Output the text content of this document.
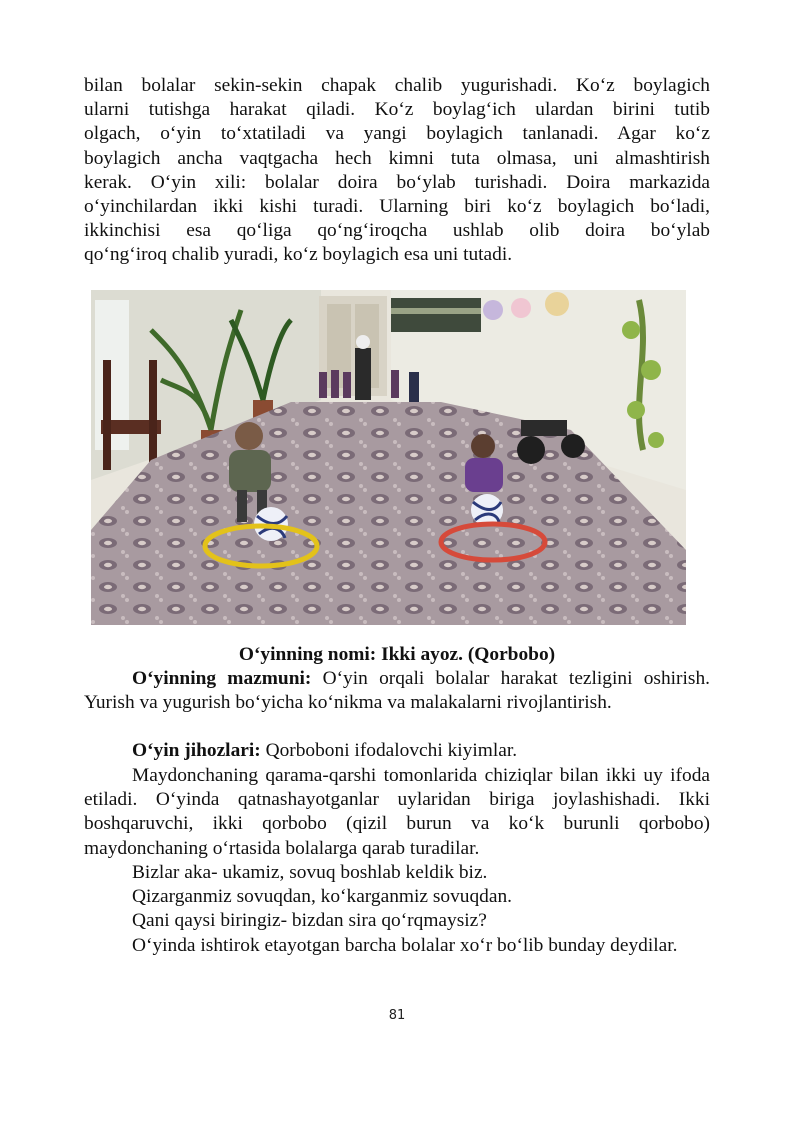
bilan bolalar sekin-sekin chapak chalib yugurishadi. Ko‘z boylagich
ularni tutishga harakat qiladi. Ko‘z boylag‘ich ulardan birini tutib
olgach, o‘yin to‘xtatiladi va yangi boylagich tanlanadi. Agar ko‘z
boylagich ancha vaqtgacha hech kimni tuta olmasa, uni almashtirish
kerak. O‘yin xili: bolalar doira bo‘ylab turishadi. Doira markazida
o‘yinchilardan ikki kishi turadi. Ularning biri ko‘z boylagich bo‘ladi,
ikkinchisi esa qo‘liga qo‘ng‘iroqcha ushlab olib doira bo‘ylab
qo‘ng‘iroq chalib yuradi, ko‘z boylagich esa uni tutadi.
O‘yinning nomi: Ikki ayoz. (Qorbobo)
O‘yinning mazmuni: O‘yin orqali bolalar harakat tezligini oshirish. Yurish va yugurish bo‘yicha ko‘nikma va malakalarni rivojlantirish.
O‘yin jihozlari: Qorboboni ifodalovchi kiyimlar.
Maydonchaning qarama-qarshi tomonlarida chiziqlar bilan ikki uy ifoda etiladi. O‘yinda qatnashayotganlar uylaridan biriga joylashishadi. Ikki boshqaruvchi, ikki qorbobo (qizil burun va ko‘k burunli qorbobo) maydonchaning o‘rtasida bolalarga qarab turadilar.
Bizlar aka- ukamiz, sovuq boshlab keldik biz.
Qizarganmiz sovuqdan, ko‘karganmiz sovuqdan.
Qani qaysi biringiz- bizdan sira qo‘rqmaysiz?
O‘yinda ishtirok etayotgan barcha bolalar xo‘r bo‘lib bunday deydilar.
81
